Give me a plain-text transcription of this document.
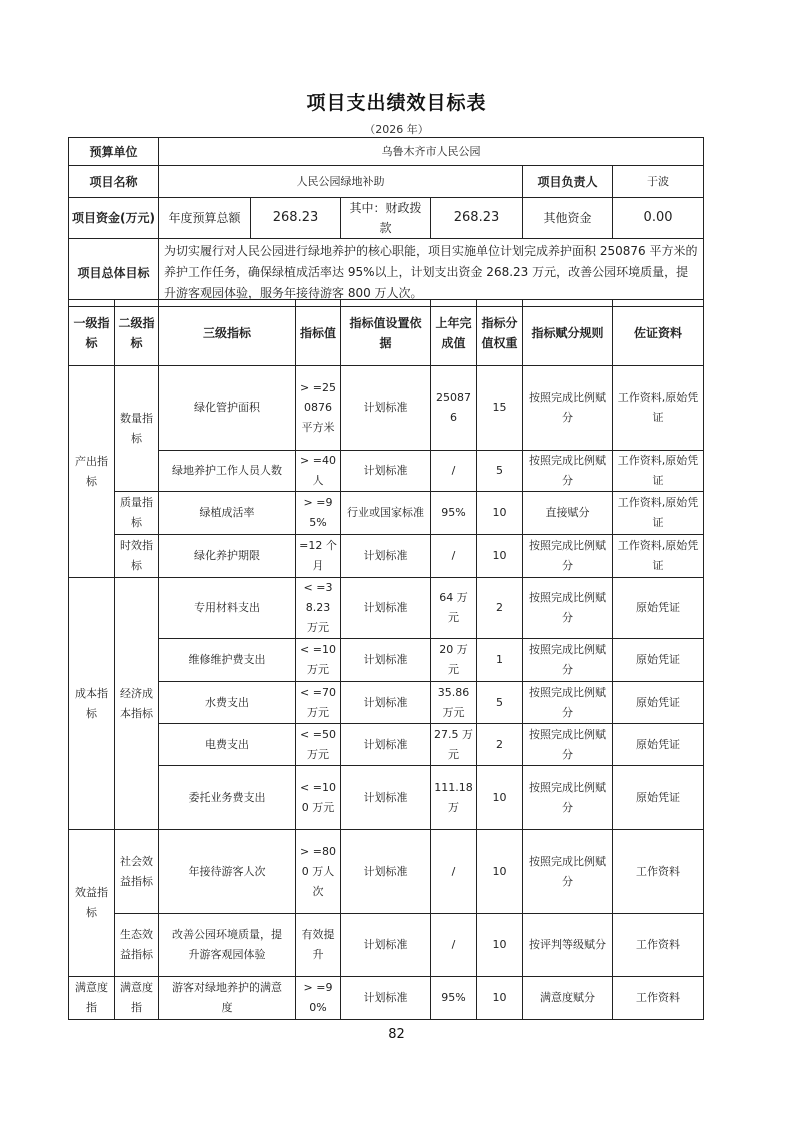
项目支出绩效目标表
（2026 年）
预算单位	乌鲁木齐市人民公园					
项目名称	人民公园绿地补助				项目负责人	于波
项目资金(万元)	年度预算总额	268.23	其中：财政拨款	268.23	其他资金	0.00
项目总体目标	为切实履行对人民公园进行绿地养护的核心职能，项目实施单位计划完成养护面积 250876 平方米的养护工作任务，确保绿植成活率达 95%以上，计划支出资金 268.23 万元，改善公园环境质量，提升游客观园体验，服务年接待游客 800 万人次。					
一级指标	二级指标	三级指标	指标值	指标值设置依据	上年完成值	指标分值权重	指标赋分规则	佐证资料
产出指标	数量指标	绿化管护面积	> =250876 平方米	计划标准	250876	15	按照完成比例赋分	工作资料,原始凭证
		绿地养护工作人员人数	> =40 人	计划标准	/	5	按照完成比例赋分	工作资料,原始凭证
	质量指标	绿植成活率	> =95%	行业或国家标准	95%	10	直接赋分	工作资料,原始凭证
	时效指标	绿化养护期限	=12 个月	计划标准	/	10	按照完成比例赋分	工作资料,原始凭证
成本指标	经济成本指标	专用材料支出	< =38.23 万元	计划标准	64 万元	2	按照完成比例赋分	原始凭证
		维修维护费支出	< =10 万元	计划标准	20 万元	1	按照完成比例赋分	原始凭证
		水费支出	< =70 万元	计划标准	35.86 万元	5	按照完成比例赋分	原始凭证
		电费支出	< =50 万元	计划标准	27.5 万元	2	按照完成比例赋分	原始凭证
		委托业务费支出	< =100 万元	计划标准	111.18 万	10	按照完成比例赋分	原始凭证
效益指标	社会效益指标	年接待游客人次	> =800 万人次	计划标准	/	10	按照完成比例赋分	工作资料
	生态效益指标	改善公园环境质量，提升游客观园体验	有效提升	计划标准	/	10	按评判等级赋分	工作资料
满意度指	满意度指	游客对绿地养护的满意度	> =90%	计划标准	95%	10	满意度赋分	工作资料
82
